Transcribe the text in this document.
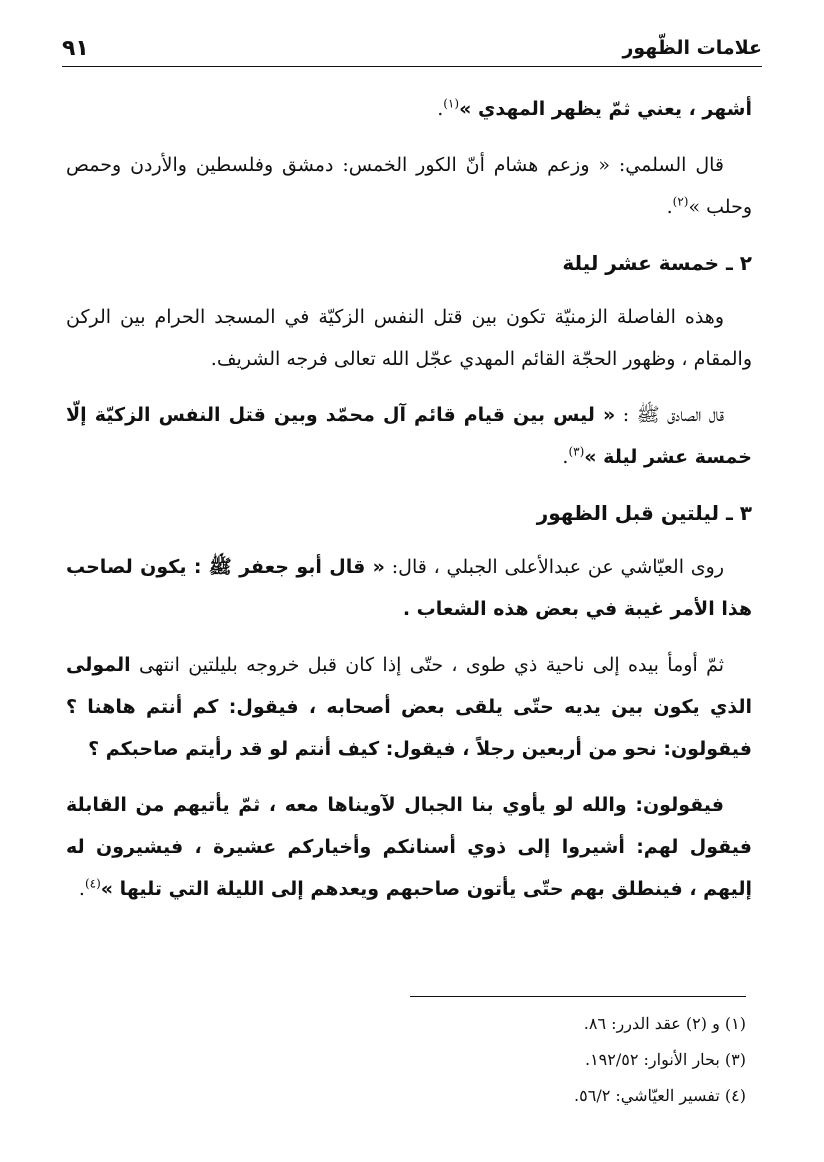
علامات الظّهور
٩١

أشهر ، يعني ثمّ يظهر المهدي »$^{(١)}$.

قال السلمي: « وزعم هشام أنّ الكور الخمس: دمشق وفلسطين والأردن وحمص وحلب »$^{(٢)}$.

٢ ـ خمسة عشر ليلة

وهذه الفاصلة الزمنيّة تكون بين قتل النفس الزكيّة في المسجد الحرام بين الركن والمقام ، وظهور الحجّة القائم المهدي عجّل الله تعالى فرجه الشريف.

قال الصادق ﷺ : « ليس بين قيام قائم آل محمّد وبين قتل النفس الزكيّة إلّا خمسة عشر ليلة »$^{(٣)}$.

٣ ـ ليلتين قبل الظهور

روى العيّاشي عن عبدالأعلى الجبلي ، قال: « قال أبو جعفر ﷺ : يكون لصاحب هذا الأمر غيبة في بعض هذه الشعاب .

ثمّ أومأ بيده إلى ناحية ذي طوى ، حتّى إذا كان قبل خروجه بليلتين انتهى المولى الذي يكون بين يديه حتّى يلقى بعض أصحابه ، فيقول: كم أنتم هاهنا ؟ فيقولون: نحو من أربعين رجلاً ، فيقول: كيف أنتم لو قد رأيتم صاحبكم ؟

فيقولون: والله لو يأوي بنا الجبال لآويناها معه ، ثمّ يأتيهم من القابلة فيقول لهم: أشيروا إلى ذوي أسنانكم وأخياركم عشيرة ، فيشيرون له إليهم ، فينطلق بهم حتّى يأتون صاحبهم ويعدهم إلى الليلة التي تليها »$^{(٤)}$.

(١) و (٢) عقد الدرر: ٨٦.
(٣) بحار الأنوار: ١٩٢/٥٢.
(٤) تفسير العيّاشي: ٥٦/٢.
